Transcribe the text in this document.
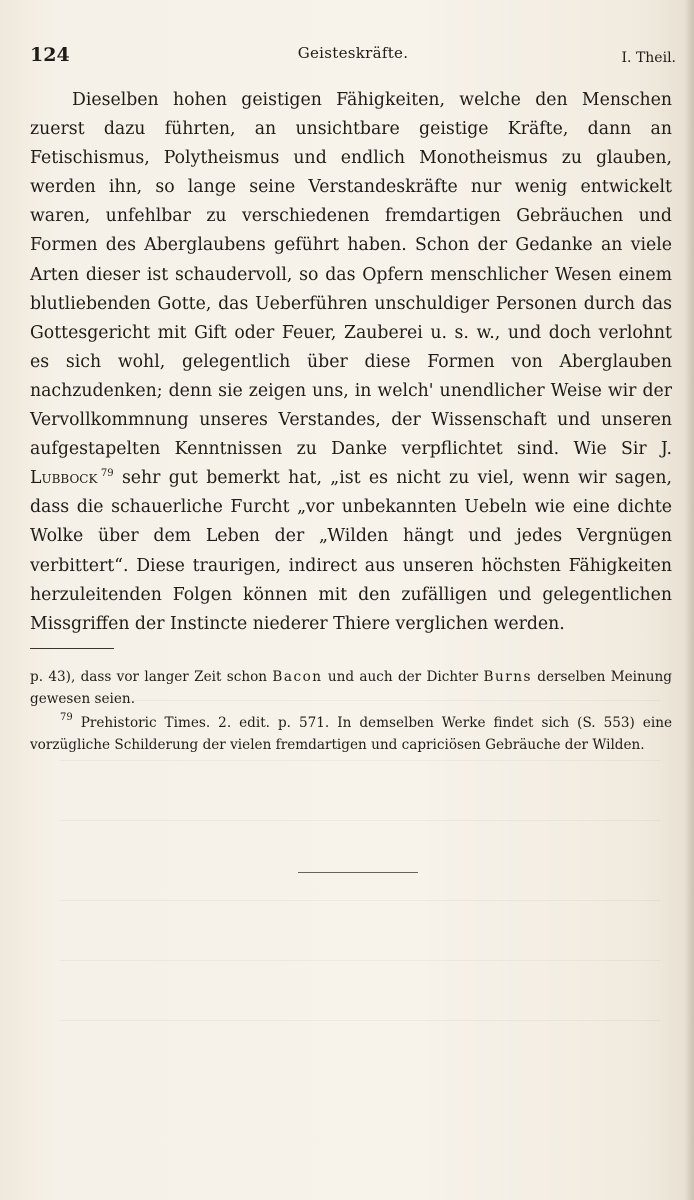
124	Geisteskräfte.	I. Theil.

Dieselben hohen geistigen Fähigkeiten, welche den Menschen zuerst dazu führten, an unsichtbare geistige Kräfte, dann an Fetischismus, Polytheismus und endlich Monotheismus zu glauben, werden ihn, so lange seine Verstandeskräfte nur wenig entwickelt waren, unfehlbar zu verschiedenen fremdartigen Gebräuchen und Formen des Aberglaubens geführt haben. Schon der Gedanke an viele Arten dieser ist schaudervoll, so das Opfern menschlicher Wesen einem blutliebenden Gotte, das Ueberführen unschuldiger Personen durch das Gottesgericht mit Gift oder Feuer, Zauberei u. s. w., und doch verlohnt es sich wohl, gelegentlich über diese Formen von Aberglauben nachzudenken; denn sie zeigen uns, in welch' unendlicher Weise wir der Vervollkommnung unseres Verstandes, der Wissenschaft und unseren aufgestapelten Kenntnissen zu Danke verpflichtet sind. Wie Sir J. Lubbock  $^{79}$ sehr gut bemerkt hat, „ist es nicht zu viel, wenn wir sagen, dass die schauerliche Furcht „vor unbekannten Uebeln wie eine dichte Wolke über dem Leben der „Wilden hängt und jedes Vergnügen verbittert“. Diese traurigen, indirect aus unseren höchsten Fähigkeiten herzuleitenden Folgen können mit den zufälligen und gelegentlichen Missgriffen der Instincte niederer Thiere verglichen werden.

p. 43), dass vor langer Zeit schon Bacon und auch der Dichter Burns derselben Meinung gewesen seien.

$^{79}$ Prehistoric Times. 2. edit. p. 571. In demselben Werke findet sich (S. 553) eine vorzügliche Schilderung der vielen fremdartigen und capriciösen Gebräuche der Wilden.
